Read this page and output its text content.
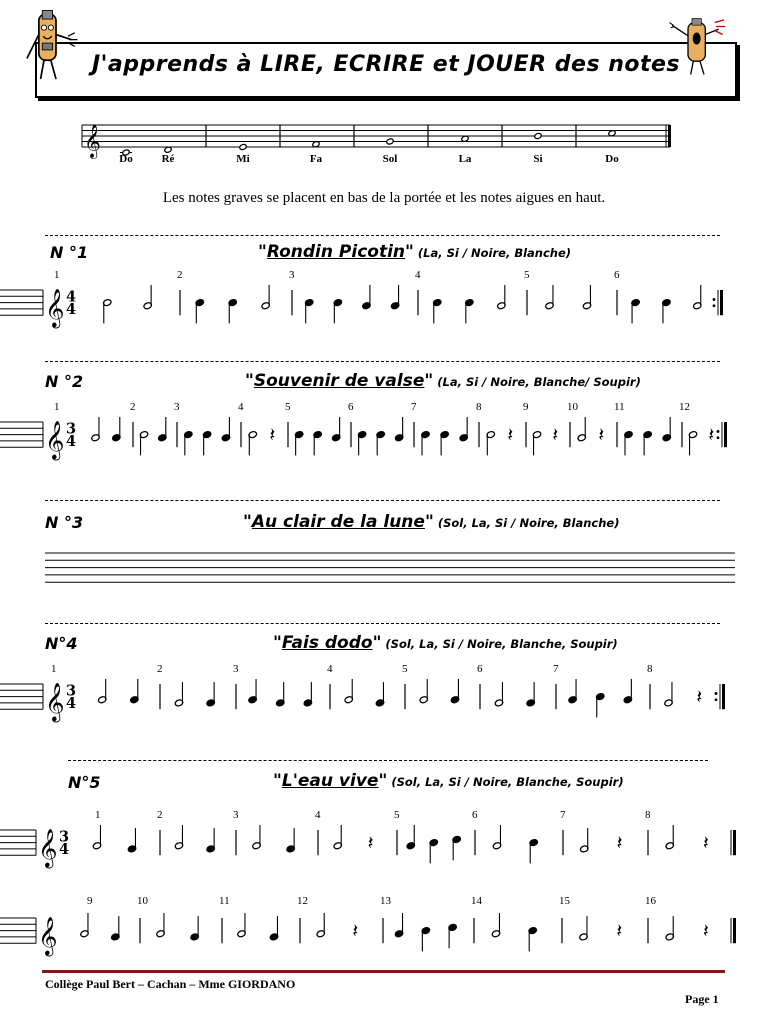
J'apprends à LIRE, ECRIRE et JOUER des notes
𝄞
Do	Ré	Mi	Fa	Sol	La	Si	Do
Les notes graves se placent en bas de la portée et les notes aigues en haut.
N °1	"Rondin Picotin" (La, Si / Noire, Blanche)
N °2	"Souvenir de valse" (La, Si / Noire, Blanche/ Soupir)
N °3	"Au clair de la lune" (Sol, La, Si / Noire, Blanche)
N°4	"Fais dodo" (Sol, La, Si / Noire, Blanche, Soupir)
N°5	"L'eau vive" (Sol, La, Si / Noire, Blanche, Soupir)
𝄞 4
4
𝄞 3
4	𝄽	𝄽 𝄽 𝄽	𝄽
𝄞 3
4	𝄽
𝄞 3
4	𝄽	𝄽	𝄽
𝄞	𝄽	𝄽	𝄽
1	2	3	4	5	6
1	2	3	4	5	6	7	8	9	10	11	12
1	2	3	4	5	6	7	8
1	2	3	4	5	6	7	8
9	10	11	12	13	14	15	16
Collège Paul Bert – Cachan – Mme GIORDANO
Page 1
